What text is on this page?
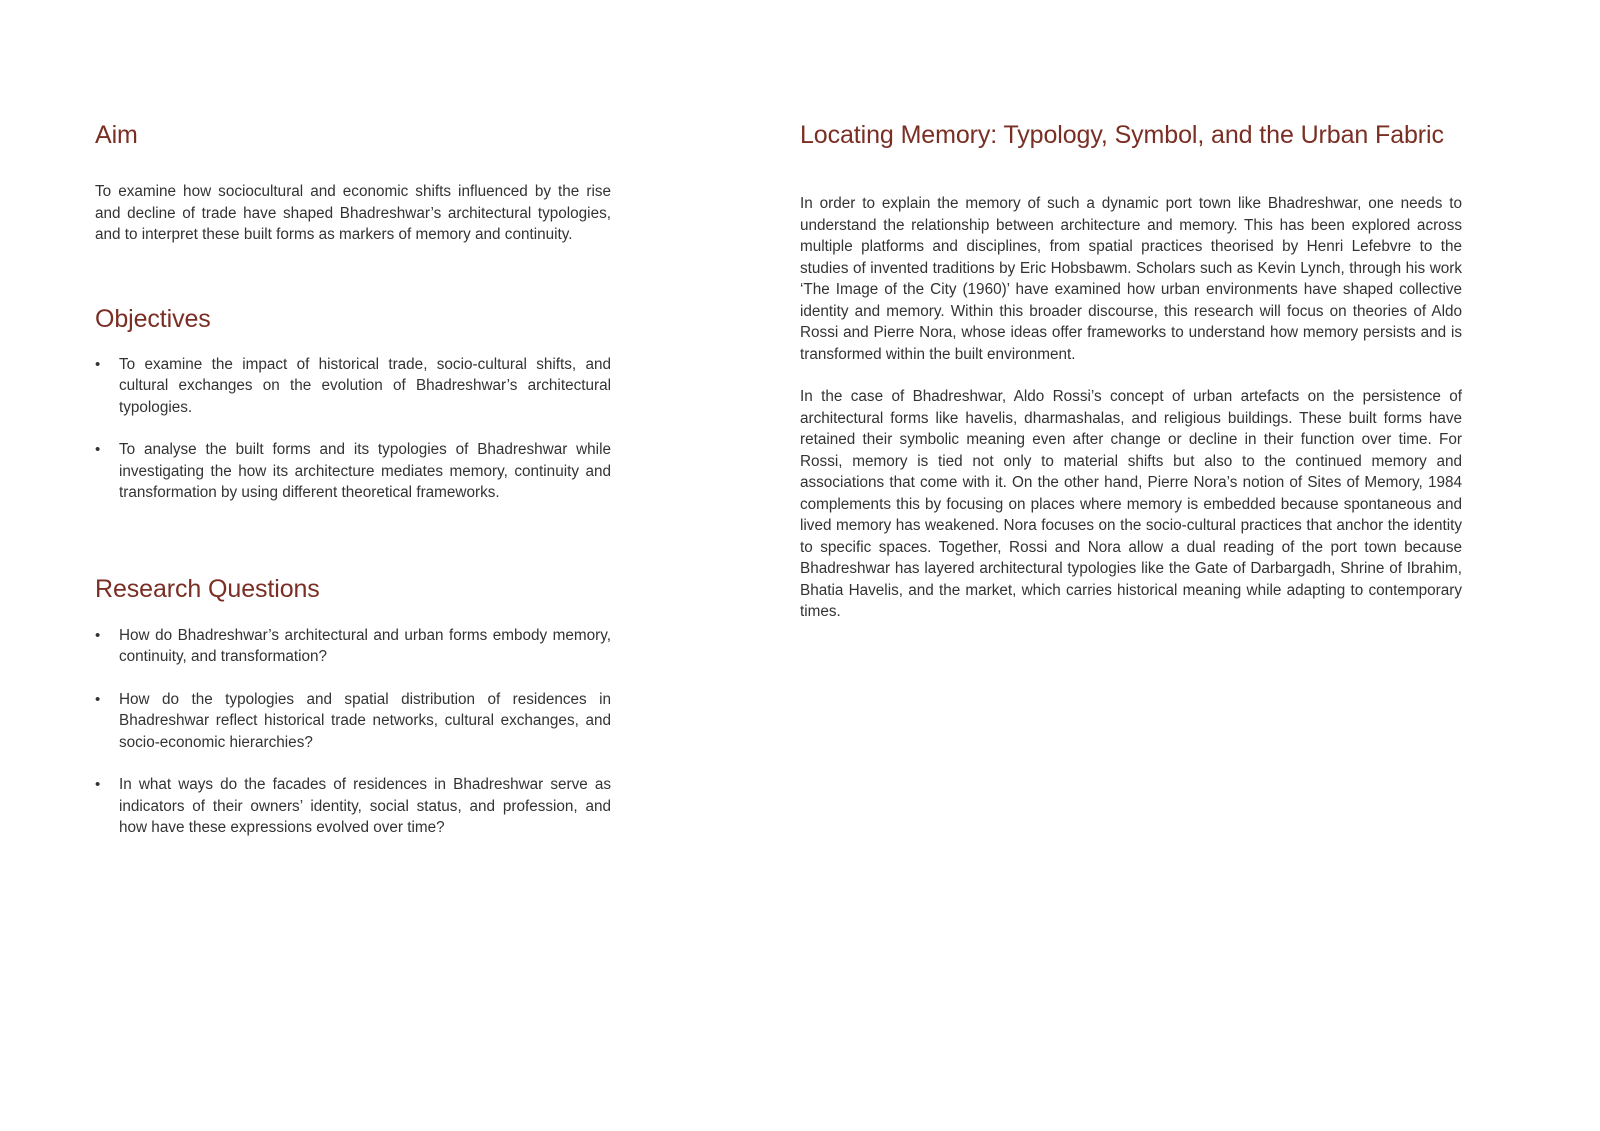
Aim

To examine how sociocultural and economic shifts influenced by the rise and decline of trade have shaped Bhadreshwar’s architectural typologies, and to interpret these built forms as markers of memory and continuity.

Objectives
•	To examine the impact of historical trade, socio-cultural shifts, and cultural exchanges on the evolution of Bhadreshwar’s architectural typologies.
•	To analyse the built forms and its typologies of Bhadreshwar while investigating the how its architecture mediates memory, continuity and transformation by using different theoretical frameworks.
Research Questions
•	How do Bhadreshwar’s architectural and urban forms embody memory, continuity, and transformation?
•	How do the typologies and spatial distribution of residences in Bhadreshwar reflect historical trade networks, cultural exchanges, and socio-economic hierarchies?
•	In what ways do the facades of residences in Bhadreshwar serve as indicators of their owners’ identity, social status, and profession, and how have these expressions evolved over time?
Locating Memory: Typology, Symbol, and the Urban Fabric

In order to explain the memory of such a dynamic port town like Bhadreshwar, one needs to understand the relationship between architecture and memory. This has been explored across multiple platforms and disciplines, from spatial practices theorised by Henri Lefebvre to the studies of invented traditions by Eric Hobsbawm. Scholars such as Kevin Lynch, through his work ‘The Image of the City (1960)’ have examined how urban environments have shaped collective identity and memory. Within this broader discourse, this research will focus on theories of Aldo Rossi and Pierre Nora, whose ideas offer frameworks to understand how memory persists and is transformed within the built environment.

In the case of Bhadreshwar, Aldo Rossi’s concept of urban artefacts on the persistence of architectural forms like havelis, dharmashalas, and religious buildings. These built forms have retained their symbolic meaning even after change or decline in their function over time. For Rossi, memory is tied not only to material shifts but also to the continued memory and associations that come with it. On the other hand, Pierre Nora’s notion of Sites of Memory, 1984 complements this by focusing on places where memory is embedded because spontaneous and lived memory has weakened. Nora focuses on the socio-cultural practices that anchor the identity to specific spaces. Together, Rossi and Nora allow a dual reading of the port town because Bhadreshwar has layered architectural typologies like the Gate of Darbargadh, Shrine of Ibrahim, Bhatia Havelis, and the market, which carries historical meaning while adapting to contemporary times.
